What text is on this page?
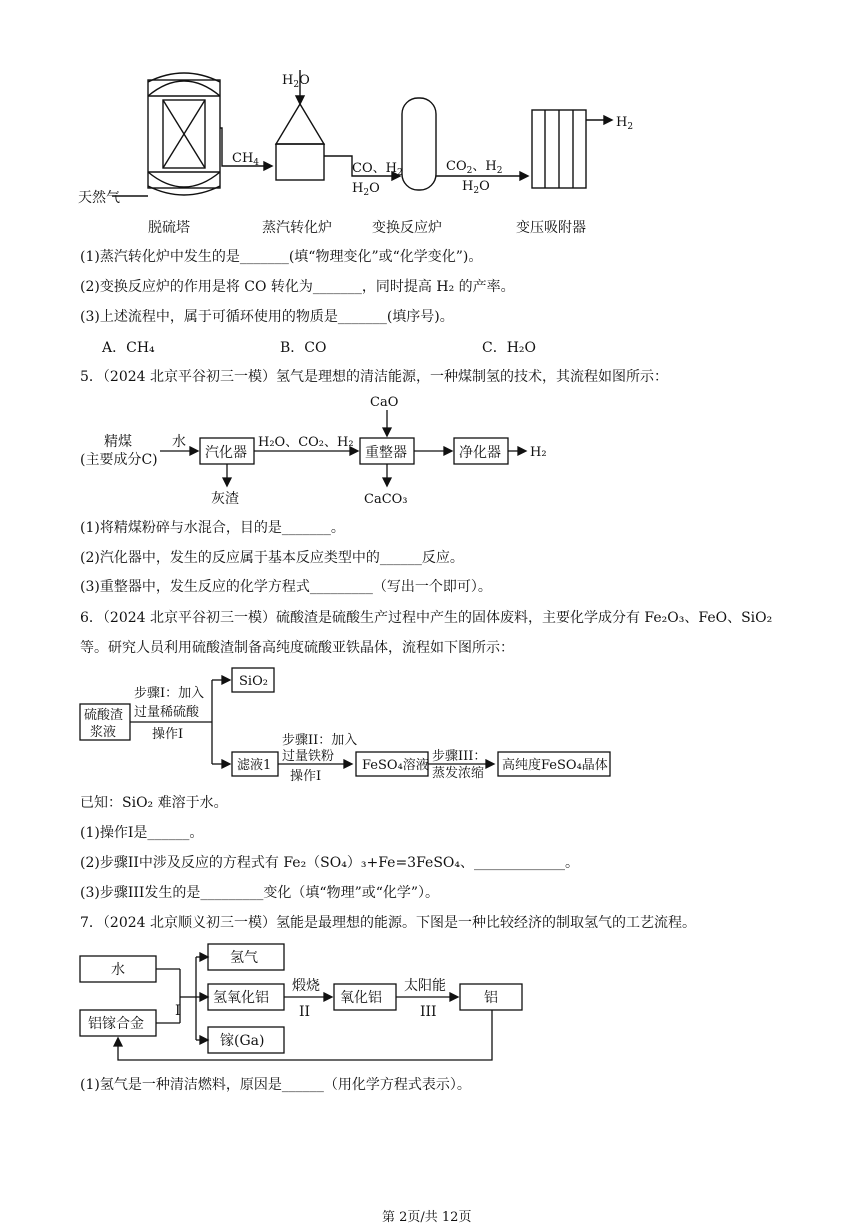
$H_2O$
$CH_4$	CO、$H_2$
$H_2O$
$CO_2$、$H_2$
$H_2O$
$H_2$
天然气
脱硫塔	蒸汽转化炉	变换反应炉	变压吸附器
(1)蒸汽转化炉中发生的是_______(填“物理变化”或“化学变化”)。
(2)变换反应炉的作用是将 CO 转化为_______，同时提高 H₂ 的产率。
(3)上述流程中，属于可循环使用的物质是_______(填序号)。
A．CH₄	B．CO	C．H₂O
5．（2024 北京平谷初三一模）氢气是理想的清洁能源，一种煤制氢的技术，其流程如图所示：
精煤
(主要成分C)
水
汽化器
H₂O、CO₂、H₂
重整器	净化器 H₂
CaO
CaCO₃
灰渣
(1)将精煤粉碎与水混合，目的是_______。
(2)汽化器中，发生的反应属于基本反应类型中的______反应。
(3)重整器中，发生反应的化学方程式_________（写出一个即可）。
6．（2024 北京平谷初三一模）硫酸渣是硫酸生产过程中产生的固体废料，主要化学成分有 Fe₂O₃、FeO、SiO₂
等。研究人员利用硫酸渣制备高纯度硫酸亚铁晶体，流程如下图所示：
硫酸渣
浆液
步骤I：加入
过量稀硫酸
操作I
SiO₂
滤液1
步骤II：加入
过量铁粉
操作I
FeSO₄溶液
步骤III：
蒸发浓缩
高纯度FeSO₄晶体
已知：SiO₂ 难溶于水。
(1)操作I是______。
(2)步骤II中涉及反应的方程式有 Fe₂（SO₄）₃+Fe=3FeSO₄、_____________。
(3)步骤III发生的是_________变化（填“物理”或“化学”）。
7．（2024 北京顺义初三一模）氢能是最理想的能源。下图是一种比较经济的制取氢气的工艺流程。
水
铝镓合金
I
氢气
氢氧化铝
煅烧
II
氧化铝
太阳能
III
铝
镓(Ga)
(1)氢气是一种清洁燃料，原因是______（用化学方程式表示）。
第 2页/共 12页
